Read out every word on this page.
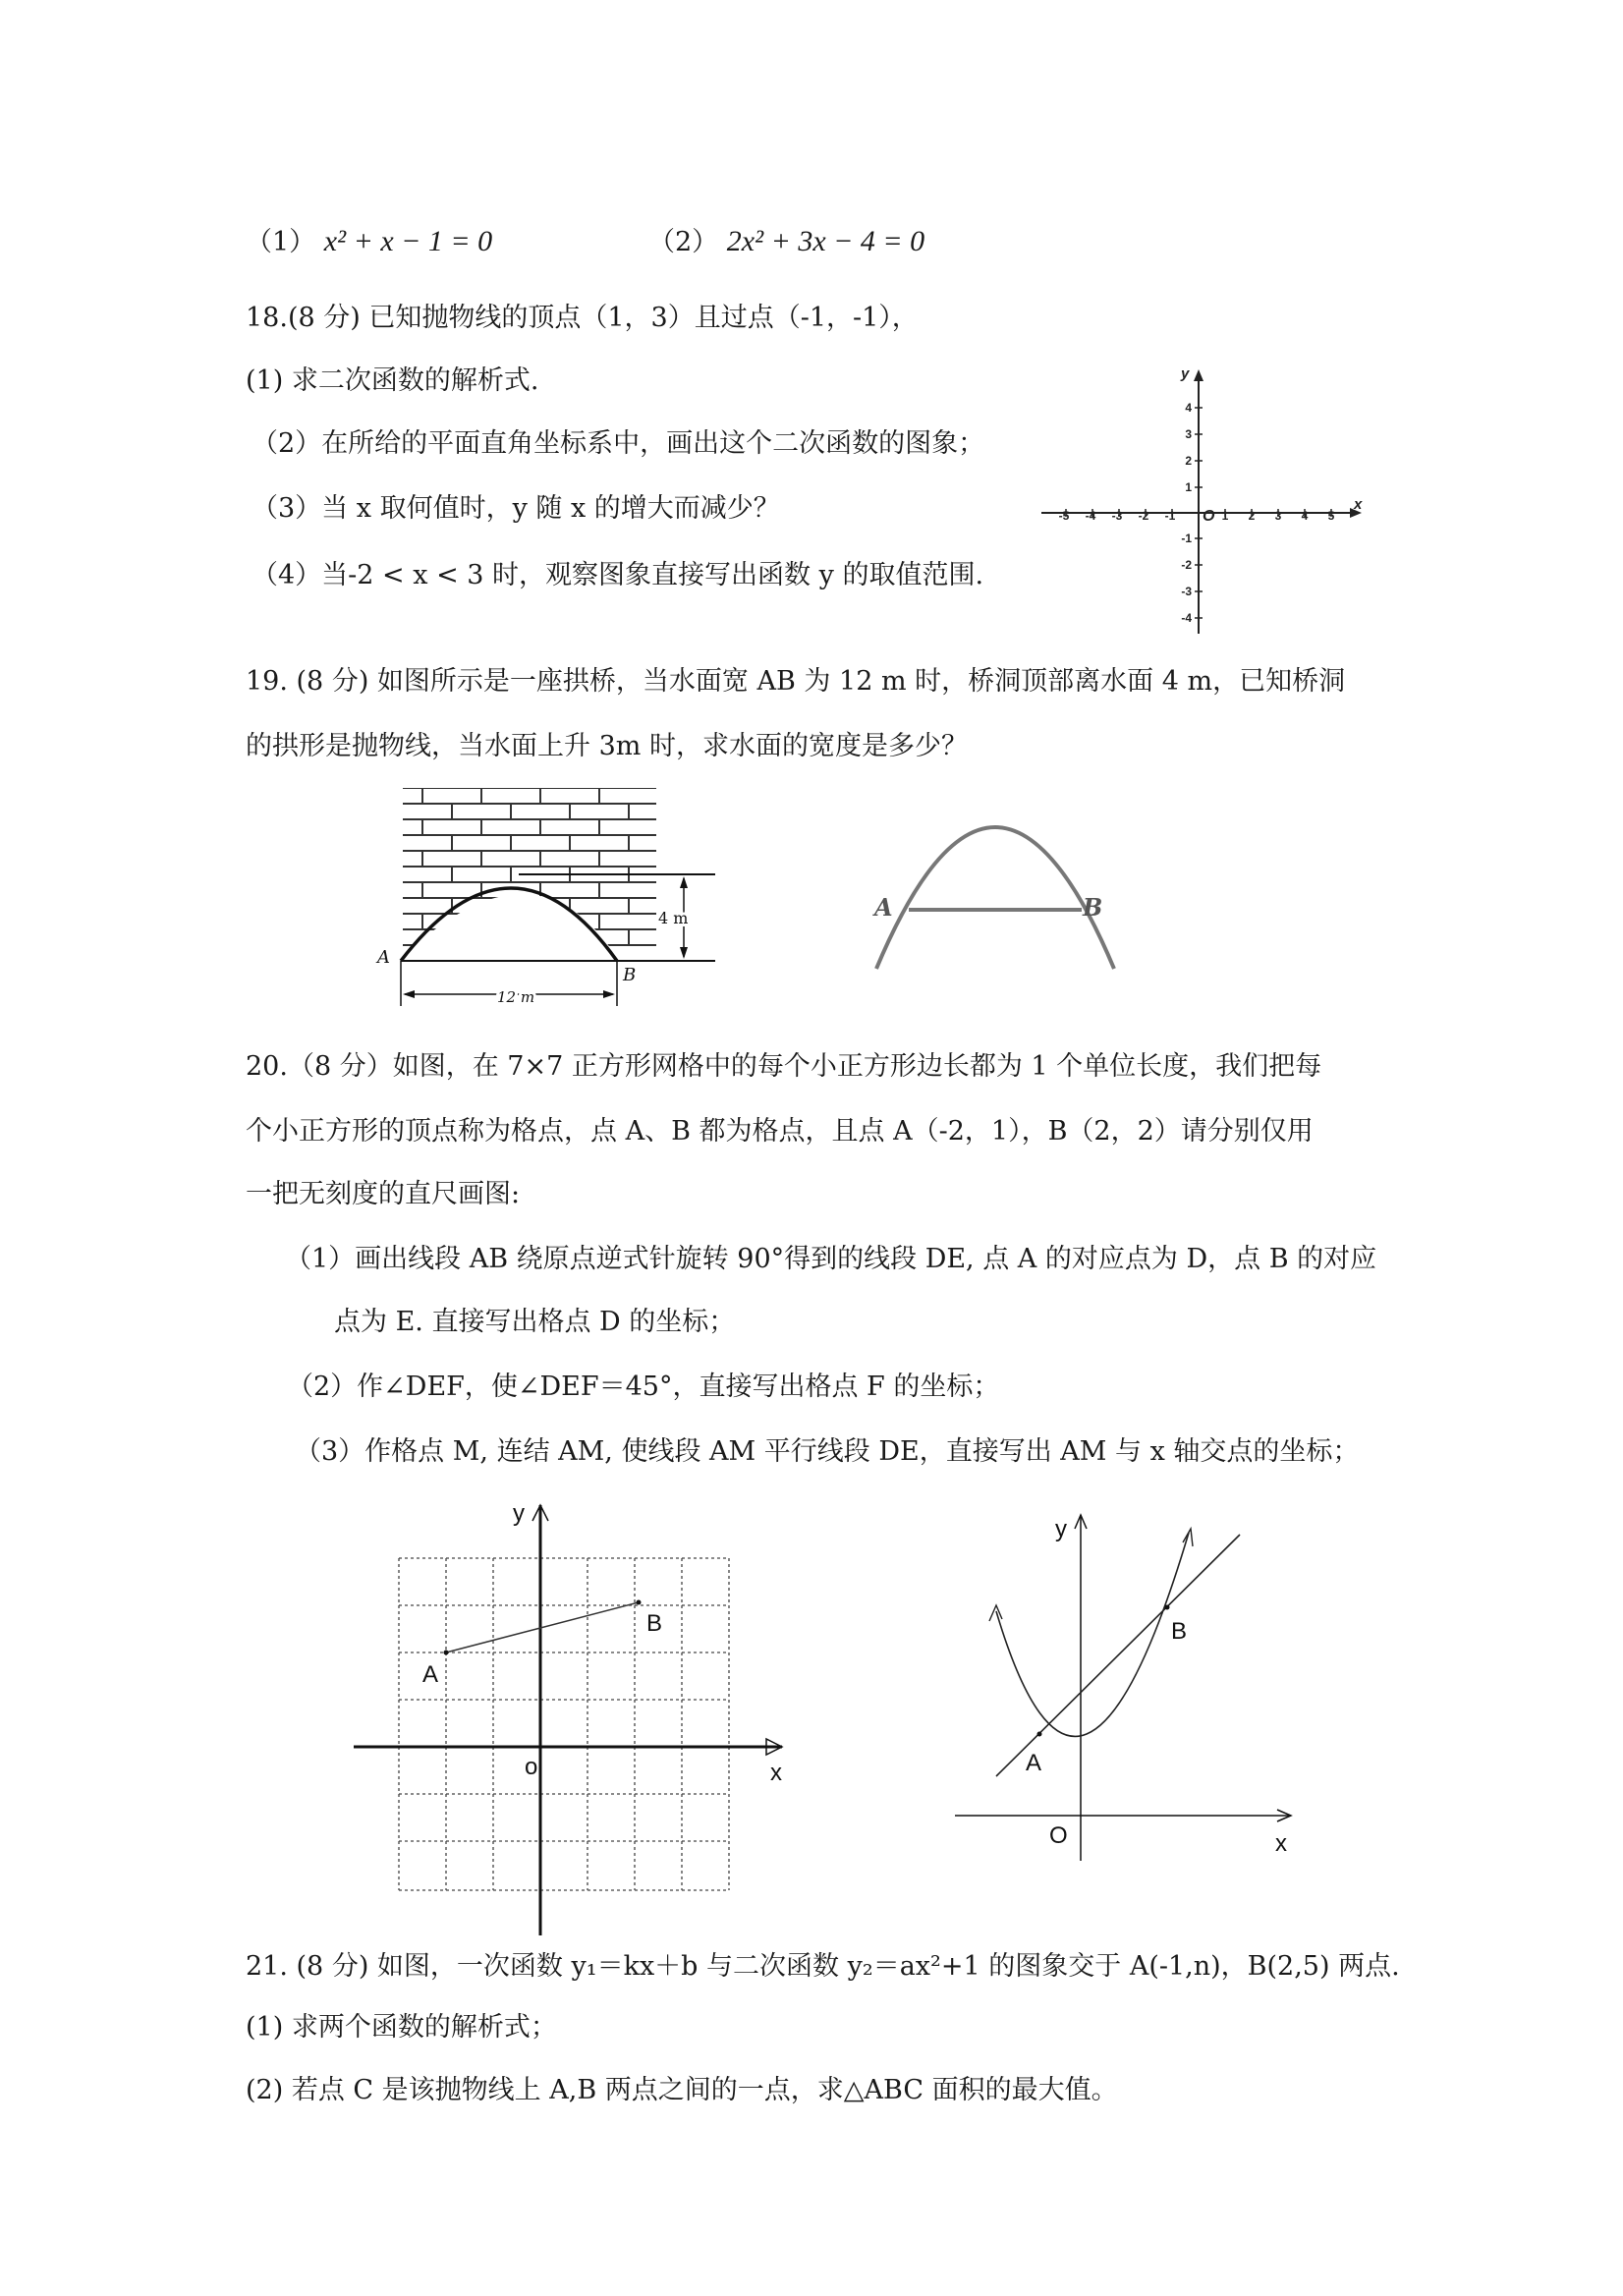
（1） x² + x − 1 = 0	（2） 2x² + 3x − 4 = 0
18.(8 分) 已知抛物线的顶点（1，3）且过点（-1，-1），
(1) 求二次函数的解析式.
（2）在所给的平面直角坐标系中，画出这个二次函数的图象；
（3）当 x 取何值时，y 随 x 的增大而减少？
（4）当-2 < x < 3 时，观察图象直接写出函数 y 的取值范围.
-5 -4 -3 -2 -1	1 2 3 4 5
4
3
2
1
-1
-2
-3
-4
O
x
y
19. (8 分) 如图所示是一座拱桥，当水面宽 AB 为 12 m 时，桥洞顶部离水面 4 m，已知桥洞
的拱形是抛物线，当水面上升 3m 时，求水面的宽度是多少？
A
B
4 m
12 m
A	B
20.（8 分）如图，在 7×7 正方形网格中的每个小正方形边长都为 1 个单位长度，我们把每
个小正方形的顶点称为格点，点 A、B 都为格点，且点 A（-2，1），B（2，2）请分别仅用
一把无刻度的直尺画图:
（1）画出线段 AB 绕原点逆式针旋转 90°得到的线段 DE, 点 A 的对应点为 D，点 B 的对应
点为 E. 直接写出格点 D 的坐标；
（2）作∠DEF，使∠DEF＝45°，直接写出格点 F 的坐标；
（3）作格点 M, 连结 AM, 使线段 AM 平行线段 DE，直接写出 AM 与 x 轴交点的坐标；
y
x
o
A
B
y
x
O
A
B
21. (8 分) 如图，一次函数 y₁＝kx＋b 与二次函数 y₂＝ax²+1 的图象交于 A(-1,n)，B(2,5) 两点.
(1) 求两个函数的解析式；
(2) 若点 C 是该抛物线上 A,B 两点之间的一点，求△ABC 面积的最大值。
